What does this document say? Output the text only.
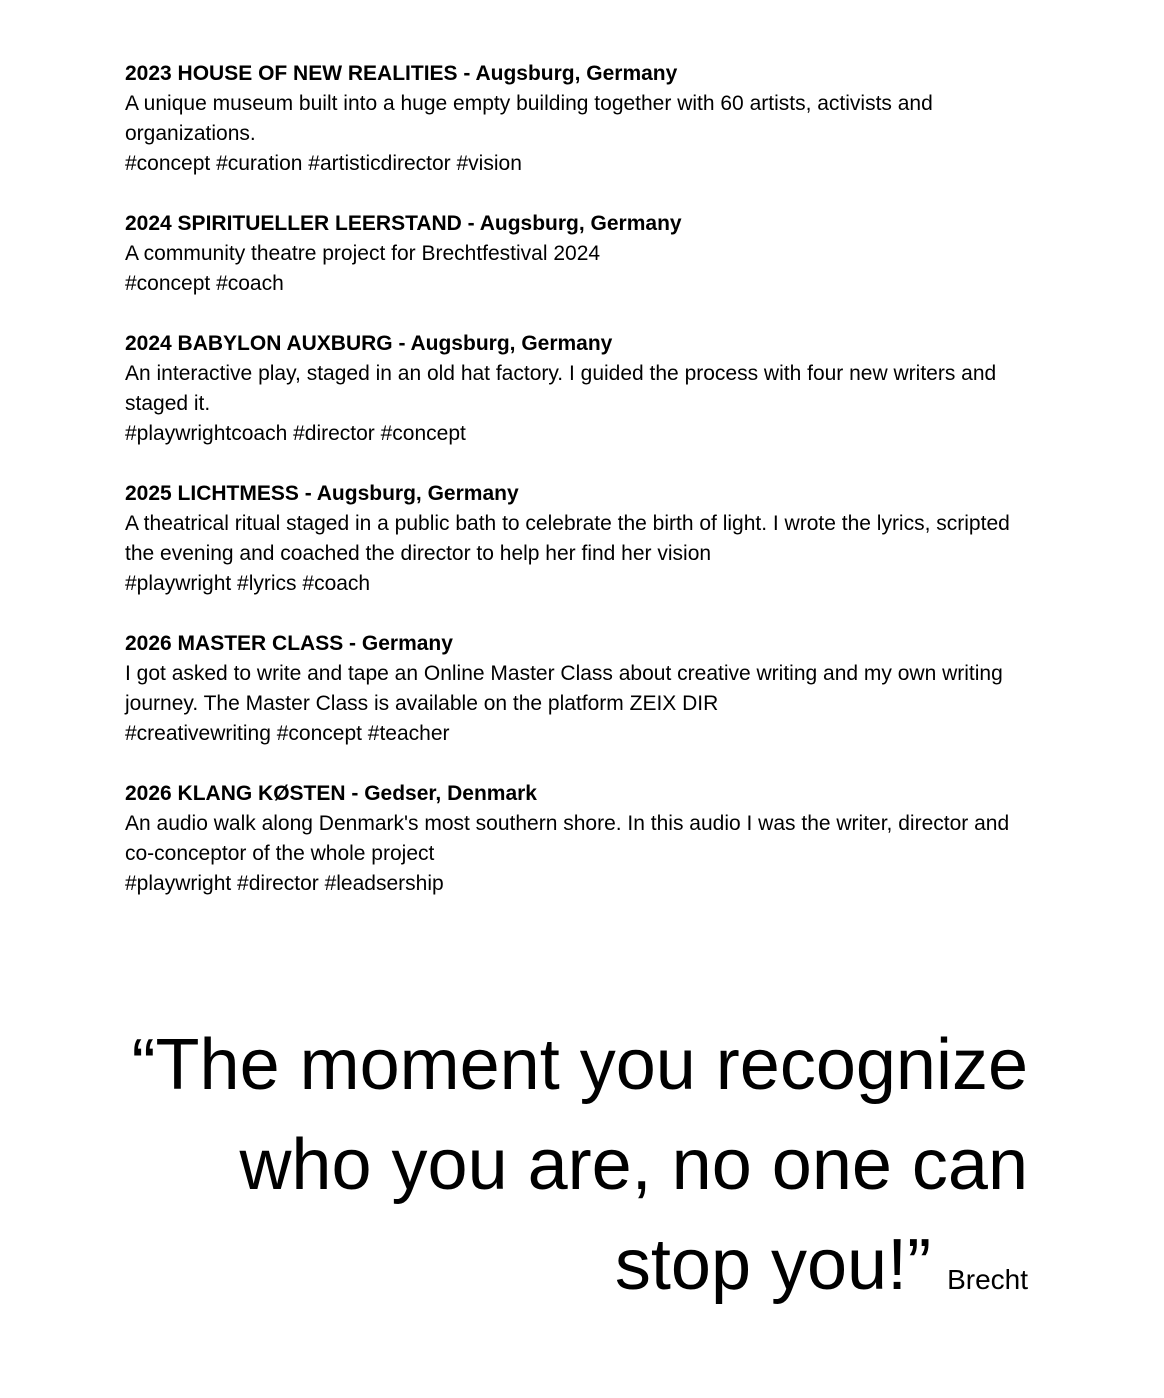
2023 HOUSE OF NEW REALITIES - Augsburg, Germany

A unique museum built into a huge empty building together with 60 artists, activists and organizations.

#concept #curation #artisticdirector #vision

2024 SPIRITUELLER LEERSTAND - Augsburg, Germany

A community theatre project for Brechtfestival 2024

#concept #coach

2024 BABYLON AUXBURG - Augsburg, Germany

An interactive play, staged in an old hat factory. I guided the process with four new writers and staged it.

#playwrightcoach #director #concept

2025 LICHTMESS - Augsburg, Germany

A theatrical ritual staged in a public bath to celebrate the birth of light. I wrote the lyrics, scripted the evening and coached the director to help her find her vision

#playwright #lyrics #coach

2026 MASTER CLASS - Germany

I got asked to write and tape an Online Master Class about creative writing and my own writing journey. The Master Class is available on the platform ZEIX DIR

#creativewriting #concept #teacher

2026 KLANG KØSTEN - Gedser, Denmark

An audio walk along Denmark's most southern shore. In this audio I was the writer, director and co-conceptor of the whole project

#playwright #director #leadsership

“The moment you recognize

who you are, no one can

stop you!” Brecht
